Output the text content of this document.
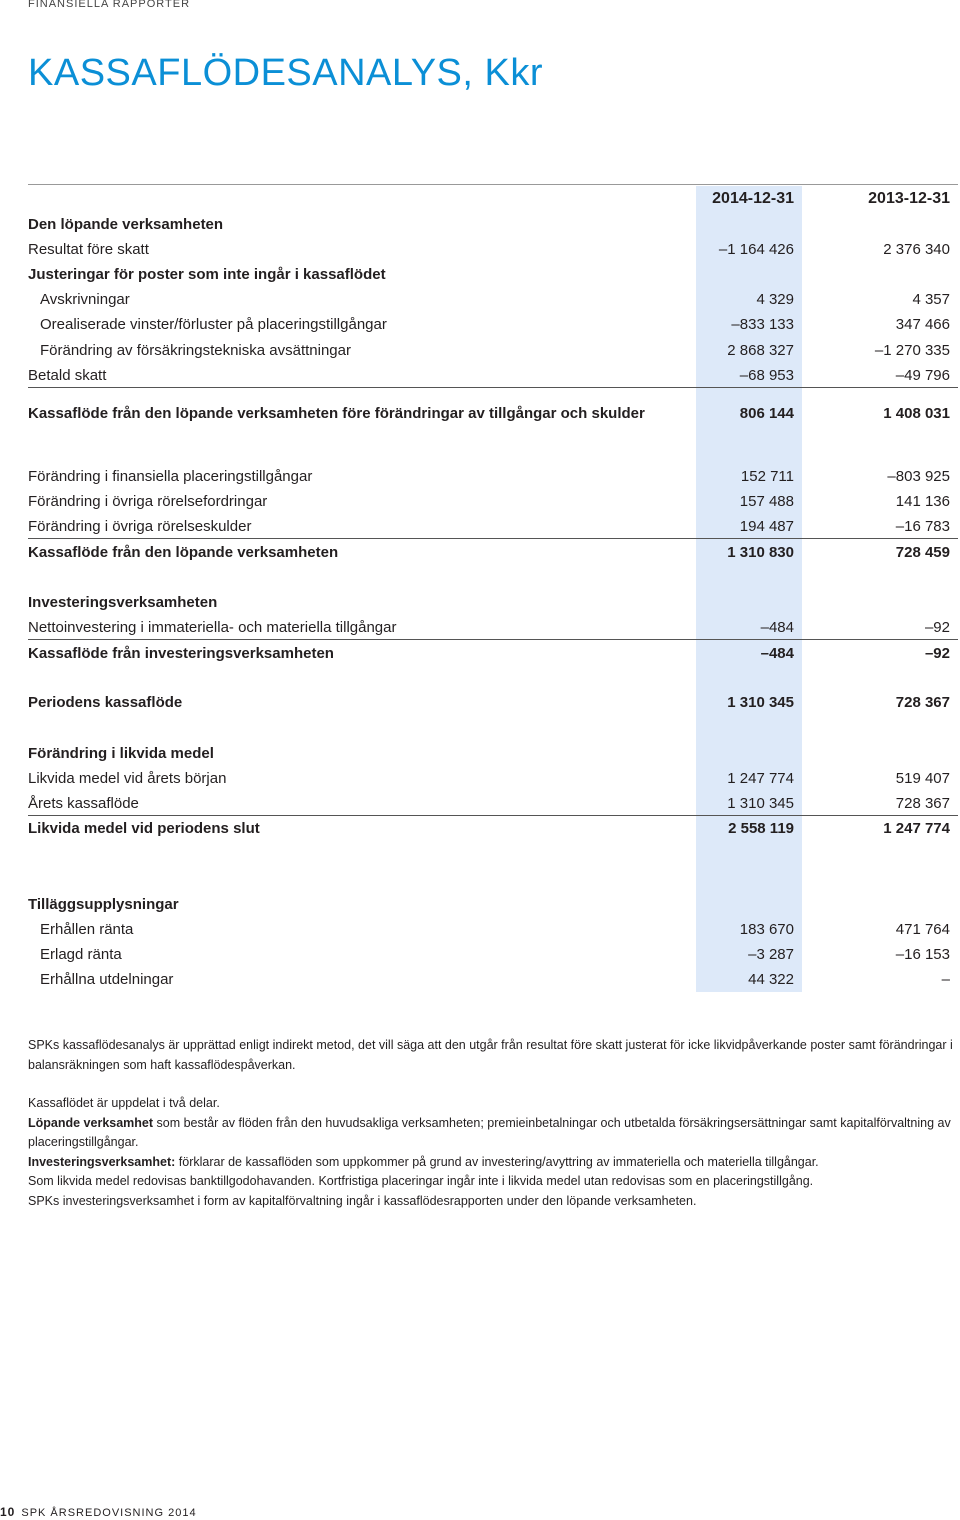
FINANSIELLA RAPPORTER
KASSAFLÖDESANALYS, Kkr
2014-12-31	2013-12-31
Den löpande verksamheten
Resultat före skatt	–1 164 426	2 376 340
Justeringar för poster som inte ingår i kassaflödet
Avskrivningar	4 329	4 357
Orealiserade vinster/förluster på placeringstillgångar	–833 133	347 466
Förändring av försäkringstekniska avsättningar	2 868 327	–1 270 335
Betald skatt	–68 953	–49 796
Kassaflöde från den löpande verksamheten före förändringar av tillgångar och skulder	806 144	1 408 031
Förändring i finansiella placeringstillgångar	152 711	–803 925
Förändring i övriga rörelsefordringar	157 488	141 136
Förändring i övriga rörelseskulder	194 487	–16 783
Kassaflöde från den löpande verksamheten	1 310 830	728 459
Investeringsverksamheten
Nettoinvestering i immateriella- och materiella tillgångar	–484	–92
Kassaflöde från investeringsverksamheten	–484	–92
Periodens kassaflöde	1 310 345	728 367
Förändring i likvida medel
Likvida medel vid årets början	1 247 774	519 407
Årets kassaflöde	1 310 345	728 367
Likvida medel vid periodens slut	2 558 119	1 247 774
Tilläggsupplysningar
Erhållen ränta	183 670	471 764
Erlagd ränta	–3 287	–16 153
Erhållna utdelningar	44 322	–

SPKs kassaflödesanalys är upprättad enligt indirekt metod, det vill säga att den utgår från resultat före skatt justerat för icke likvidpåverkande poster samt förändringar i balansräkningen som haft kassaflödespåverkan.

Kassaflödet är uppdelat i två delar.

Löpande verksamhet som består av flöden från den huvudsakliga verksamheten; premieinbetalningar och utbetalda försäkringsersättningar samt kapitalförvaltning av placeringstillgångar.

Investeringsverksamhet: förklarar de kassaflöden som uppkommer på grund av investering/avyttring av immateriella och materiella tillgångar.

Som likvida medel redovisas banktillgodohavanden. Kortfristiga placeringar ingår inte i likvida medel utan redovisas som en placeringstillgång.

SPKs investeringsverksamhet i form av kapitalförvaltning ingår i kassaflödesrapporten under den löpande verksamheten.

10 SPK ÅRSREDOVISNING 2014
